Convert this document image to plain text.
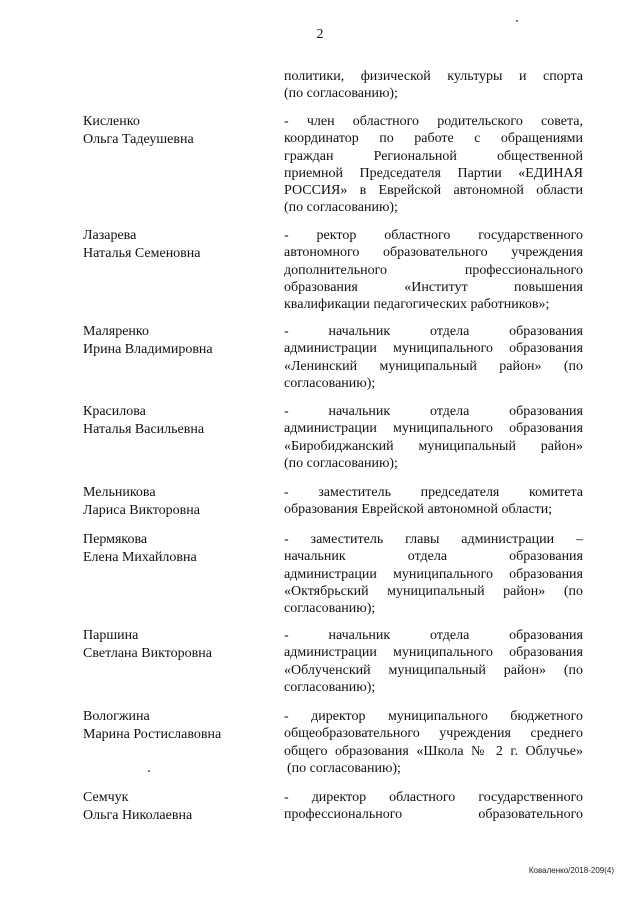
2
политики, физической культуры и спорта
(по согласованию);
Кисленко
Ольга Тадеушевна
- член областного родительского совета,
координатор по работе с обращениями
граждан Региональной общественной
приемной Председателя Партии «ЕДИНАЯ
РОССИЯ» в Еврейской автономной области
(по согласованию);
Лазарева
Наталья Семеновна
- ректор областного государственного
автономного образовательного учреждения
дополнительного профессионального
образования «Институт повышения
квалификации педагогических работников»;
Маляренко
Ирина Владимировна
- начальник отдела образования
администрации муниципального образования
«Ленинский муниципальный район» (по
согласованию);
Красилова
Наталья Васильевна
- начальник отдела образования
администрации муниципального образования
«Биробиджанский муниципальный район»
(по согласованию);
Мельникова
Лариса Викторовна
- заместитель председателя комитета
образования Еврейской автономной области;
Пермякова
Елена Михайловна
- заместитель главы администрации –
начальник отдела образования
администрации муниципального образования
«Октябрьский муниципальный район» (по
согласованию);
Паршина
Светлана Викторовна
- начальник отдела образования
администрации муниципального образования
«Облученский муниципальный район» (по
согласованию);
Вологжина
Марина Ростиславовна
- директор муниципального бюджетного
общеобразовательного учреждения среднего
общего образования «Школа № 2 г. Облучье»
(по согласованию);
Семчук
Ольга Николаевна
- директор областного государственного
профессионального образовательного
Коваленко/2018-209(4)
